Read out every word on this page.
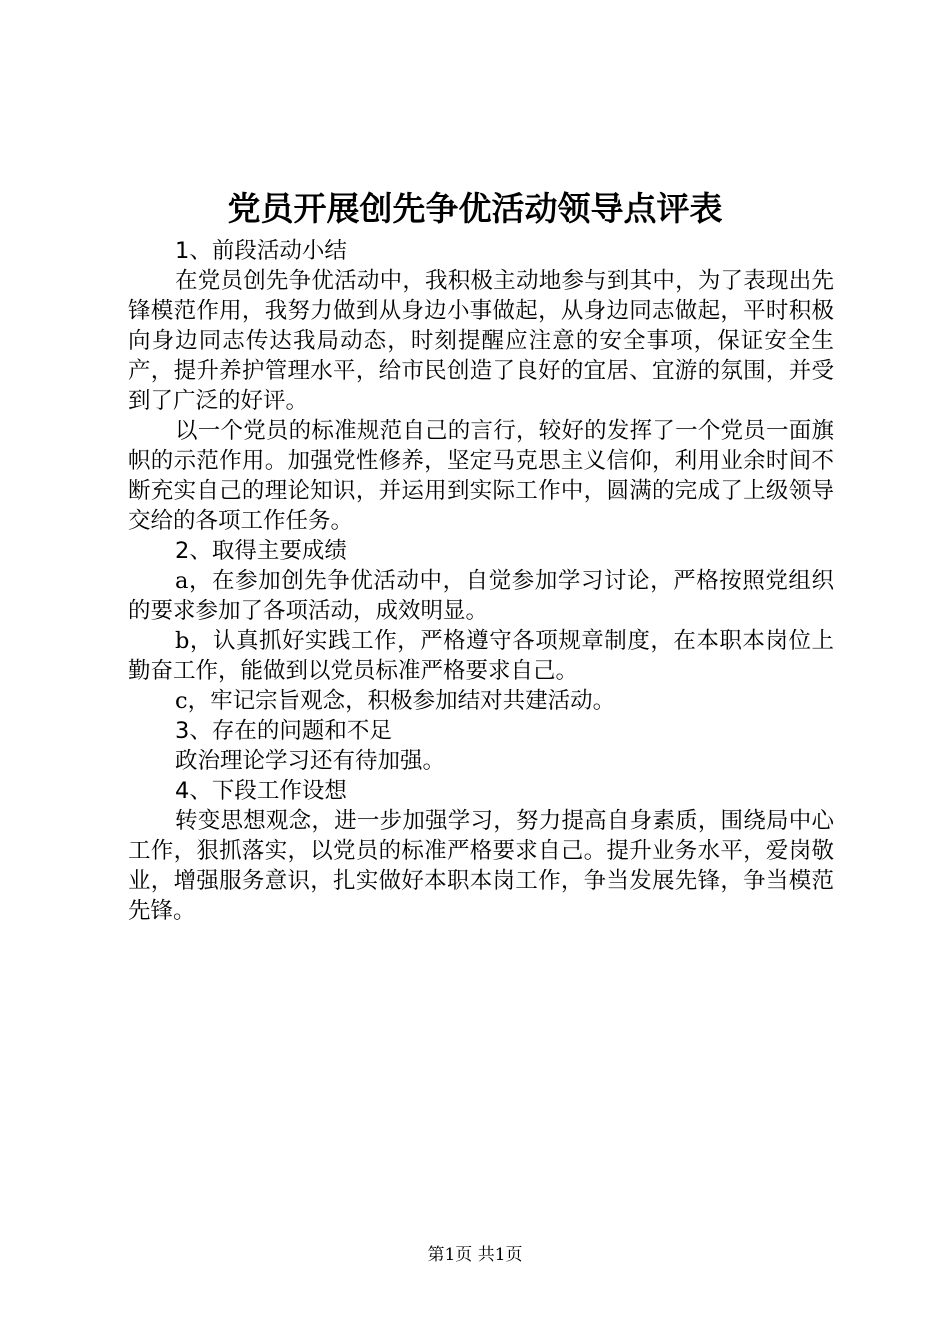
党员开展创先争优活动领导点评表
1、前段活动小结

在党员创先争优活动中，我积极主动地参与到其中，为了表现出先锋模范作用，我努力做到从身边小事做起，从身边同志做起，平时积极向身边同志传达我局动态，时刻提醒应注意的安全事项，保证安全生产，提升养护管理水平，给市民创造了良好的宜居、宜游的氛围，并受到了广泛的好评。

以一个党员的标准规范自己的言行，较好的发挥了一个党员一面旗帜的示范作用。加强党性修养，坚定马克思主义信仰，利用业余时间不断充实自己的理论知识，并运用到实际工作中，圆满的完成了上级领导交给的各项工作任务。

2、取得主要成绩

a，在参加创先争优活动中，自觉参加学习讨论，严格按照党组织的要求参加了各项活动，成效明显。

b，认真抓好实践工作，严格遵守各项规章制度，在本职本岗位上勤奋工作，能做到以党员标准严格要求自己。

c，牢记宗旨观念，积极参加结对共建活动。

3、存在的问题和不足

政治理论学习还有待加强。

4、下段工作设想

转变思想观念，进一步加强学习，努力提高自身素质，围绕局中心工作，狠抓落实，以党员的标准严格要求自己。提升业务水平，爱岗敬业，增强服务意识，扎实做好本职本岗工作，争当发展先锋，争当模范先锋。

第1页 共1页
